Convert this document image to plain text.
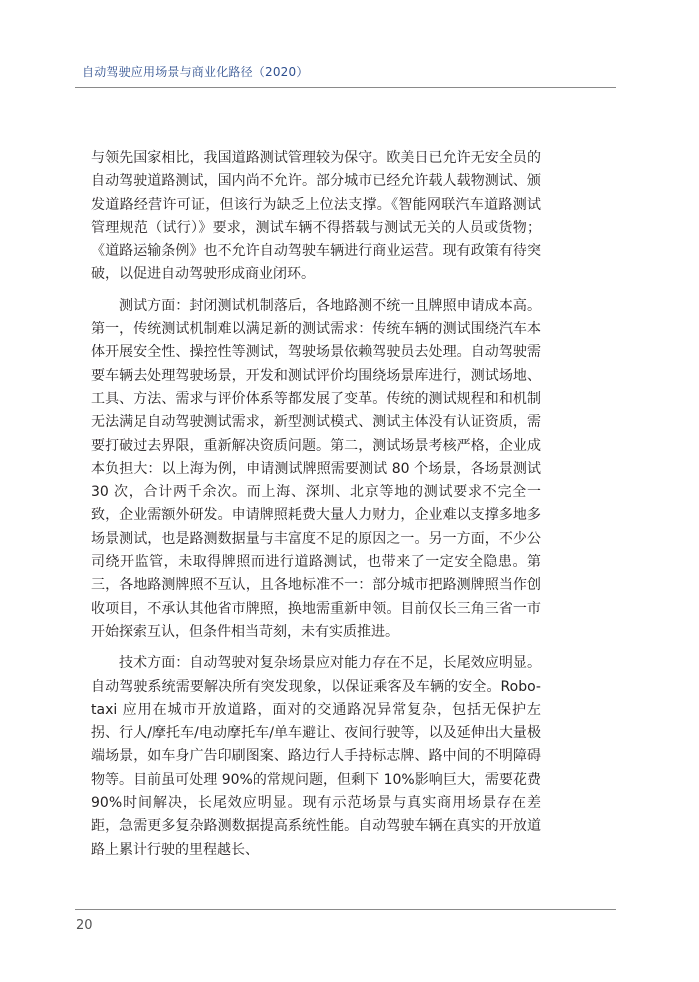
自动驾驶应用场景与商业化路径（2020）

与领先国家相比，我国道路测试管理较为保守。欧美日已允许无安全员的自动驾驶道路测试，国内尚不允许。部分城市已经允许载人载物测试、颁发道路经营许可证，但该行为缺乏上位法支撑。《智能网联汽车道路测试管理规范（试行）》要求，测试车辆不得搭载与测试无关的人员或货物；《道路运输条例》也不允许自动驾驶车辆进行商业运营。现有政策有待突破，以促进自动驾驶形成商业闭环。

测试方面：封闭测试机制落后，各地路测不统一且牌照申请成本高。第一，传统测试机制难以满足新的测试需求：传统车辆的测试围绕汽车本体开展安全性、操控性等测试，驾驶场景依赖驾驶员去处理。自动驾驶需要车辆去处理驾驶场景，开发和测试评价均围绕场景库进行，测试场地、工具、方法、需求与评价体系等都发展了变革。传统的测试规程和和机制无法满足自动驾驶测试需求，新型测试模式、测试主体没有认证资质，需要打破过去界限，重新解决资质问题。第二，测试场景考核严格，企业成本负担大：以上海为例，申请测试牌照需要测试 80 个场景，各场景测试 30 次，合计两千余次。而上海、深圳、北京等地的测试要求不完全一致，企业需额外研发。申请牌照耗费大量人力财力，企业难以支撑多地多场景测试，也是路测数据量与丰富度不足的原因之一。另一方面，不少公司绕开监管，未取得牌照而进行道路测试，也带来了一定安全隐患。第三，各地路测牌照不互认，且各地标准不一：部分城市把路测牌照当作创收项目，不承认其他省市牌照，换地需重新申领。目前仅长三角三省一市开始探索互认，但条件相当苛刻，未有实质推进。

技术方面：自动驾驶对复杂场景应对能力存在不足，长尾效应明显。自动驾驶系统需要解决所有突发现象，以保证乘客及车辆的安全。Robo-taxi 应用在城市开放道路，面对的交通路况异常复杂，包括无保护左拐、行人/摩托车/电动摩托车/单车避让、夜间行驶等，以及延伸出大量极端场景，如车身广告印刷图案、路边行人手持标志牌、路中间的不明障碍物等。目前虽可处理 90%的常规问题，但剩下 10%影响巨大，需要花费 90%时间解决，长尾效应明显。现有示范场景与真实商用场景存在差距，急需更多复杂路测数据提高系统性能。自动驾驶车辆在真实的开放道路上累计行驶的里程越长、

20
